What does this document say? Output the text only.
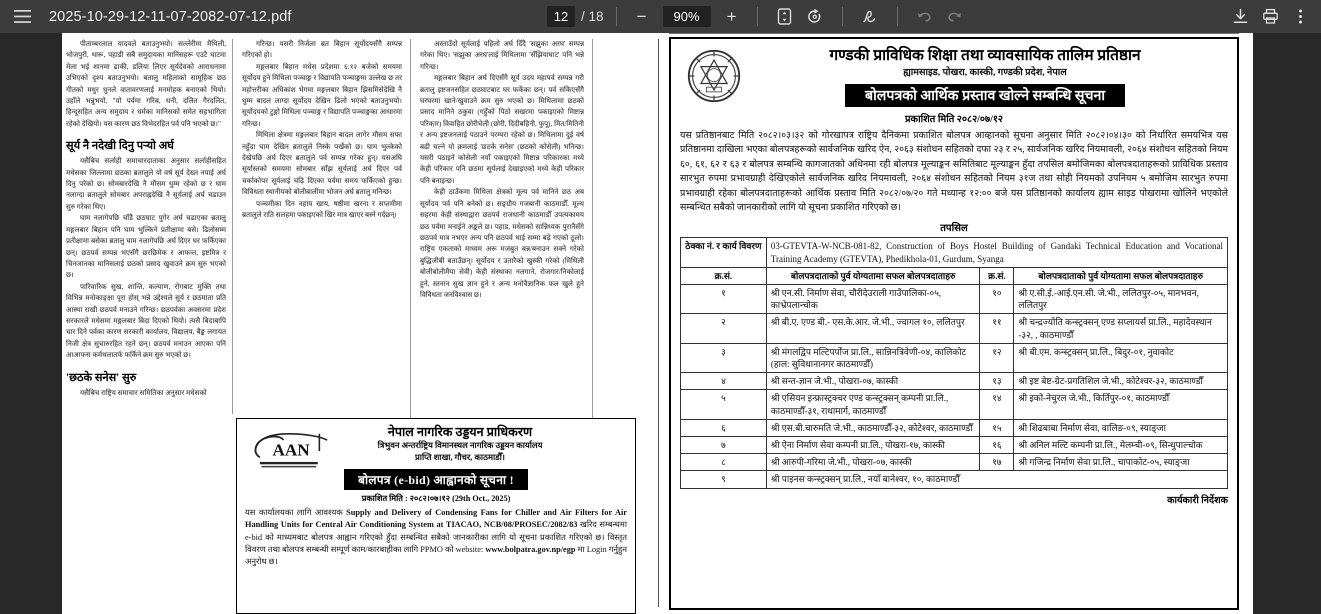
2025-10-29-12-11-07-2082-07-12.pdf
12	/ 18	−
90%	+
पीताम्बरलाल यादवले बताउनुभयो। सल्लेरीमा मैथिली, भोजपुरी, थारू, पहाडी सबै समुदायका मानिसहरू एउटै घाटमा मेला भई शानमा ढाकी, डलिया लिएर सूर्यदेवको आराधनामा उभिएको दृश्य बताउनुभयो। बतालु महिलाको सामूहिक छठ गीतको मधुर धुनले वातावरणलाई मनमोहक बनाएको थियो। उहाँले भन्नुभयो, "यो पर्वमा गरिब, धनी, दलित गैरदलित, हिन्दूसहित अन्य समुदाय र धर्मका मानिसको समेत सहभागिता रहेको देखियो। यस कारण छठ विभेदरहित पर्व पनि भएको छ।"
सूर्य नै नदेखी दिनु पऱ्यो अर्घ
यसैबिच सर्लाही समाचारदाताका अनुसार सर्लाहीसहित मधेसका जिल्लामा छठका ब्रतालुले यो वर्ष सूर्य देख्न नपाई अर्घ दिनु परेको छ। सोमबारदेखि नै मौसम धुम्म रहेको छ र घाम नलाग्दा ब्रतालुले सोमबार अपराह्नदेखि नै सूर्यलाई अर्घ चढाउन सुरु गरेका थिए।
घाम नलागेपछि चाँडै छठघाट पुगेर अर्घ चढाएका ब्रतालु मङ्गलबार बिहान पनि घाम भुल्किने प्रतीक्षामा बसे। ढिलोसम्म प्रतीक्षामा बसेका ब्रतालु घाम नलागेपछि अर्घ दिएर घर फर्किएका छन्। छठपर्व सम्पन्न भएसँगै छरछिमेक र आफन्त, इष्टमित्र र चिनजानका मानिसलाई छठको प्रसाद खुवाउने क्रम सुरु भएको छ।
पारिवारिक सुख, शान्ति, कल्याण, रोगबाट मुक्ति तथा विभिन्न मनोकाङ्क्षा पूरा होस् भन्ने उद्देश्यले सूर्य र छठमाता प्रति आस्था राखी छठपर्व मनाउने गरिन्छ। छठपर्वका अवसरमा प्रदेश सरकारले मधेसमा मङ्गलबार बिदा दिएको थियो। त्यसै बिदाबापि चार दिने पर्वका कारण सरकारी कार्यालय, विद्यालय, बैङ्क लगायत निजी क्षेत्र सुचारुरहित रहने छन्। छठपर्व मनाउन आएका पनि आआफ्ना कर्मथलातर्फ फर्किने क्रम सुरु भएको छ।
'छठके सनेस' सुरु
यसैबिच राष्ट्रिय समाचार समितिका अनुसार मधेसको
गरिन्छ। यसरी निर्जला ब्रत बिहान सूर्योदयसँगै सम्पन्न गरिएको हो।
मङ्गलबार बिहान मधेस प्रदेशमा ६:१२ बजेको समयमा सूर्योदय हुने मिथिला पञ्चाङ्ग र विद्यापति पञ्चाङ्गमा उल्लेख छ तर महोत्तरीका अधिकांश भेगमा मङ्गलबार बिहान झिसमिसेदेखि नै धुम्म बादल लाग्दा सूर्योदय देखिन ढिलो भएको बताउनुभयो। सूर्योदयको टुङ्गो मिथिला पञ्चाङ्ग र विद्यापति पञ्चाङ्गका आधारमा गरिन्छ।
मिथिला क्षेत्रमा मङ्गलबार बिहान बादल लागेर मौसम सफा नहुँदा घाम देखिन ब्रतालुले निस्के पर्खेको छ। घाम भुल्केको देखेपछि अर्घ दिएर ब्रतालुले पर्व सम्पन्न गरेका हुन्। यसअघि सूर्यास्तको समयमा सोमबार साँझ सूर्यलाई अर्घ दिएर पर्व चर्काकोपर सूर्यलाई चढ़ि दिएका पर्वमा समय फर्किएको हुन्छ। विविधता स्थानीयको बोलीबालीमा भोजन अर्घ ब्रतालु मनिन्छ।
पञ्चमीका दिन नहाय खाय, षष्ठीमा खरना र सप्तमीमा ब्रतालुले राति सलहमा पकाइएको खिर मात्र खाएर बस्ने गर्दछन्।
अस्ताउँदो सूर्यलाई पहिलो अर्घ दिँदै 'सझुका अरघ' सम्पन्न गरेका थिए। 'सझुका अरघ'लाई मिथिलामा 'सँझियाघाट' पनि भन्ने गरिन्छ।
मङ्गलबार बिहान अर्घ दिएसँगै सूर्य उदय महापर्व सम्पन्न गरी ब्रतालु इष्टजनसहित छठघाटबाट घर फर्केका छन्। पर्व सकिएसँगै घरघरमा खाने/खुवाउने क्रम सुरु भएको छ। मिथिलामा छठको प्रसाद मानिने ठकुवा (गहुँको पिठो सखरमा पकाइएको मिष्टान्न परिकार) विवाहित छोरीचेली (छोरी, दिदीबहिनी, फुपू), मित/मितिनी र अन्य इष्टजनलाई पठाउने परम्परा रहेको छ। मिथिलामा दुई वर्ष बढी चल्ने यो क्रमलाई 'छठके सनेस' (छठको कोसेली) भनिन्छ। यसरी पठाइने कोसेली नयाँ पकाइएको मिष्टान्न परिकारका मध्ये केही परिकार पनि छठमा सूर्यलाई देखाइएको मध्ये केही परिकार पनि बनाइन्छ।
केही ठाउँकमा मिथिला क्षेत्रको मूल्य पर्व मानिने छठ अब सूर्योदय पर्व पनि बनेको छ। सङ्ग्रौय गजबानी काठमाडौँ, मूल्य सहरमा केही संस्थाद्वारा छठपर्व राजधानी काठमाडौँ उपत्यकामय छठ पर्वमा मनाईने अङ्कले छ। पहाड, मधेसको सान्निध्यक पुरानैसँगे छठपर्व मात्र नभएर अन्य पनि छठपर्व थाई सम्मा बढ़े गएको ठूलो। राष्ट्रिय एकताको माध्यम अरू मजबुत बन्न/बनाउन सक्ने गरेको बुद्धिजीबी बताउँछन्। सूर्योदय र उतारैको खुस्की गरेको (मिथिली बोलीबोलीमैया सेवी) केही संस्थाका नलगाने, रोजगार/निकोलाई हुने, स्तनान सुख ज्ञान हुने र अन्य मनोवैज्ञानिक फल खुले हुने विविधता जनविश्वास छ।
AAN
नेपाल नागरिक उड्डयन प्राधिकरण
त्रिभुवन अन्तर्राष्ट्रिय विमानस्थल नागरिक उड्डयन कार्यालय
प्राप्ति शाखा, गौचर, काठमाडौँ।
बोलपत्र (e-bid) आह्वानको सूचना !
प्रकाशित मिति : २०८२।०७।१२ (29th Oct., 2025)
यस कार्यालयका लागि आवश्यक Supply and Delivery of Condensing Fans for Chiller and Air Filters for Air Handling Units for Central Air Conditioning System at TIACAO, NCB/08/PROSEC/2082/83 खरिद सम्बन्धमा e-bid को माध्यमबाट बोलपत्र आह्वान गरिएको हुँदा सम्बन्धित सबैको जानकारीका लागि यो सूचना प्रकाशित गरिएको छ। विस्तृत विवरण तथा बोलपत्र सम्बन्धी सम्पूर्ण काम/कारबाहीका लागि PPMO को website: www.bolpatra.gov.np/egp मा Login गर्नुहुन अनुरोध छ।
गण्डकी प्राविधिक शिक्षा तथा व्यावसायिक तालिम प्रतिष्ठान
ह्यामसाइड, पोखरा, कास्की, गण्डकी प्रदेश, नेपाल
बोलपत्रको आर्थिक प्रस्ताव खोल्ने सम्बन्धि सूचना
प्रकाशित मिति २०८२/०७/१२
यस प्रतिष्ठानबाट मिति २०८२।०३।३२ को गोरखापत्र राष्ट्रिय दैनिकमा प्रकाशित बोलपत्र आव्हानको सूचना अनुसार मिति २०८२।०४।३० को निर्धारित समयभित्र यस प्रतिष्ठानमा दाखिला भएका बोलपत्रहरूको सार्वजनिक खरिद ऐन, २०६३ संशोधन सहितको दफा २३ र २५, सार्वजनिक खरिद नियमावली, २०६४ संशोधन सहितको नियम ६०, ६१, ६२ र ६३ र बोलपत्र सम्बन्धि कागजातको अधिनमा रही बोलपत्र मूल्याङ्कन समितिबाट मूल्याङ्कन हुँदा तपसिल बमोजिमका बोलपत्रदाताहरूको प्राविधिक प्रस्ताव सारभुत रुपमा प्रभावग्राही देखिएकोले सार्वजनिक खरिद नियमावली, २०६४ संशोधन सहितको नियम ३१ज तथा सोही नियमको उपनियम ५ बमोजिम सारभुत रुपमा प्रभावग्राही रहेका बोलपत्रदाताहरूको आर्थिक प्रस्ताव मिति २०८२/०७/२० गते मध्यान्ह १२:०० बजे यस प्रतिष्ठानको कार्यालय ह्याम साइड पोखरामा खोलिने भएकोले सम्बन्धित सबैको जानकारीको लागि यो सूचना प्रकाशित गरिएको छ।
तपसिल
ठेक्का नं. र कार्य विवरण	03-GTEVTA-W-NCB-081-82, Construction of Boys Hostel Building of Gandaki Technical Education and Vocational Training Academy (GTEVTA), Phedikhola-01, Gurdum, Syanga		
क्र.सं.	बोलपत्रदाताको पुर्व योग्यतामा सफल बोलपत्रदाताहरु	क्र.सं.	बोलपत्रदाताको पुर्व योग्यतामा सफल बोलपत्रदाताहरु
१	श्री एन.सी. निर्माण सेवा, चौरीदेउराली गाउँपालिका-०५, काभ्रेपलान्चोक	१०	श्री ए.सी.ई.-आई.एन.सी. जे.भी., ललितपुर-०५, मानभवन, ललितपुर
२	श्री बी.ए. एण्ड बी.- एस.के.आर. जे.भी., ज्वागल १०, ललितपुर	११	श्री चन्द्रज्योति कन्स्ट्रक्सन् एण्ड सप्लायर्स प्रा.लि., महादेवस्थान -३२, , काठमाण्डौँ
३	श्री मंगलद्विप मल्टिपर्पोज प्रा.लि., सान्निनत्रिवेणी-०४, कालिकोट (हाल: सुविधानानगर काठमाण्डौँ)	१२	श्री बी.एम. कन्स्ट्रक्सन् प्रा.लि., बिदुर-०१, नुवाकोट
४	श्री सन्त-ज्ञान जे.भी., पोखरा-०७, कास्की	१३	श्री इष्ट बेष्ट-ग्रेट-प्रगतिशिल जे.भी., कोटेश्वर-३२, काठमाण्डौँ
५	श्री एसियन इन्फ्रास्ट्रक्चर एण्ड कन्स्ट्रक्सन् कम्पनी प्रा.लि., काठमाण्डौँ-३१, राधामार्ग, काठमाण्डौँ	१४	श्री इको-नेचुरल जे.भी., किर्तिपुर-०१, काठमाण्डौँ
६	श्री एस.बी.चारुमति जे.भी., काठमाण्डौँ-३२, कोटेश्वर, काठमाण्डौँ	१५	श्री शिढबाबा निर्माण सेवा, वालिङ-०९, स्याङ्जा
७	श्री ऐना निर्माण सेवा कम्पनी प्रा.लि., पोखरा-१७, कास्की	१६	श्री अनिल मल्टि कम्पनी प्रा.लि., मेलम्ची-०९, सिन्धुपाल्चोक
८	श्री आरुपी-गरिमा जे.भी., पोखरा-०७, कास्की	१७	श्री गजिन्द्र निर्माण सेवा प्रा.लि., चापाकोट-०५, स्याङ्जा
९	श्री पाइनस कन्स्ट्रक्सन् प्रा.लि., नयाँ बानेश्वर, १०, काठमाण्डौँ		
कार्यकारी निर्देशक
